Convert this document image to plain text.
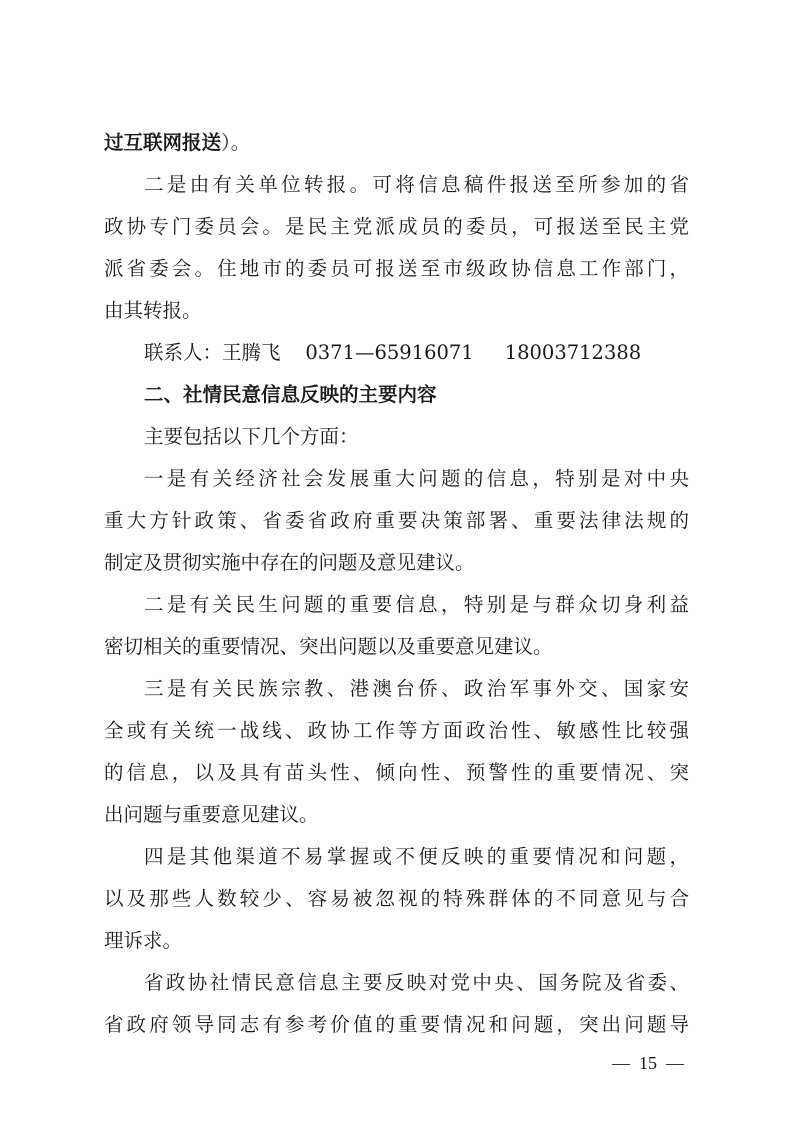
过互联网报送）。
二是由有关单位转报。可将信息稿件报送至所参加的省
政协专门委员会。是民主党派成员的委员，可报送至民主党
派省委会。住地市的委员可报送至市级政协信息工作部门，
由其转报。
联系人：王腾飞 0371—65916071 18003712388
二、社情民意信息反映的主要内容
主要包括以下几个方面：
一是有关经济社会发展重大问题的信息，特别是对中央
重大方针政策、省委省政府重要决策部署、重要法律法规的
制定及贯彻实施中存在的问题及意见建议。
二是有关民生问题的重要信息，特别是与群众切身利益
密切相关的重要情况、突出问题以及重要意见建议。
三是有关民族宗教、港澳台侨、政治军事外交、国家安
全或有关统一战线、政协工作等方面政治性、敏感性比较强
的信息，以及具有苗头性、倾向性、预警性的重要情况、突
出问题与重要意见建议。
四是其他渠道不易掌握或不便反映的重要情况和问题，
以及那些人数较少、容易被忽视的特殊群体的不同意见与合
理诉求。
省政协社情民意信息主要反映对党中央、国务院及省委、
省政府领导同志有参考价值的重要情况和问题，突出问题导
—  15  —
